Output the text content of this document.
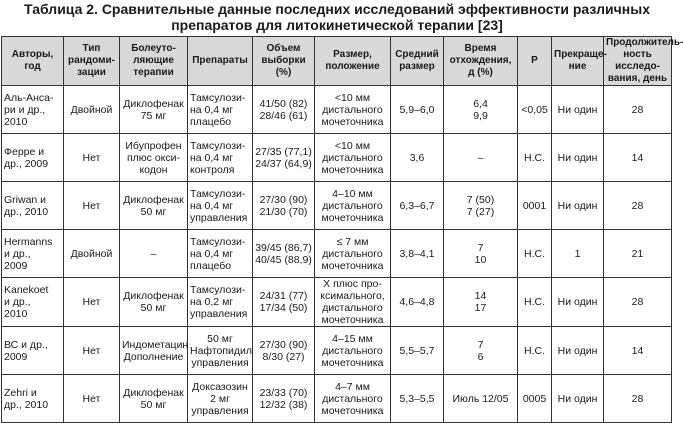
Таблица 2. Сравнительные данные последних исследований эффективности различных
препаратов для литокинетической терапии [23]
Авторы,
год	Тип
рандоми-
зации	Болеуто-
ляющие
терапии	Препараты	Объем
выборки
(%)	Размер,
положение	Средний
размер	Время
отхождения,
д (%)	P	Прекраще-
ние	Продолжитель-
ность исследо-
вания, день
Аль-Анса-
ри и др.,
2010	Двойной	Диклофенак
75 мг	Тамсулози-
на 0,4 мг
плацебо	41/50 (82)
28/46 (61)	<10 мм
дистального
мочеточника	5,9–6,0	6,4
9,9	<0,05	Ни один	28
Ферре и
др., 2009	Нет	Ибупрофен
плюс окси-
кодон	Тамсулози-
на 0,4 мг
контроля	27/35 (77,1)
24/37 (64,9)	<10 мм
дистального
мочеточника	3,6	–	Н.С.	Ни один	14
Griwan и
др., 2010	Нет	Диклофенак
50 мг	Тамсулози-
на 0,4 мг
управления	27/30 (90)
21/30 (70)	4–10 мм
дистального
мочеточника	6,3–6,7	7 (50)
7 (27)	0001	Ни один	28
Hermanns
и др.,
2009	Двойной	–	Тамсулози-
на 0,4 мг
плацебо	39/45 (86,7)
40/45 (88,9)	≤ 7 мм
дистального
мочеточника	3,8–4,1	7
10	Н.С.	1	21
Kanekoet
и др.,
2010	Нет	Диклофенак
50 мг	Тамсулози-
на 0,2 мг
управления	24/31 (77)
17/34 (50)	Х плюс про-
ксимального,
дистального
мочеточника	4,6–4,8	14
17	Н.С.	Ни один	28
ВС и др.,
2009	Нет	Индометацин
Дополнение	50 мг
Нафтопидил
управления	27/30 (90)
8/30 (27)	4–15 мм
дистального
мочеточника	5,5–5,7	7
6	Н.С.	Ни один	14
Zehri и
др., 2010	Нет	Диклофенак
50 мг	Доксазозин
2 мг
управления	23/33 (70)
12/32 (38)	4–7 мм
дистального
мочеточника	5,3–5,5	Июль 12/05	0005	Ни один	28
